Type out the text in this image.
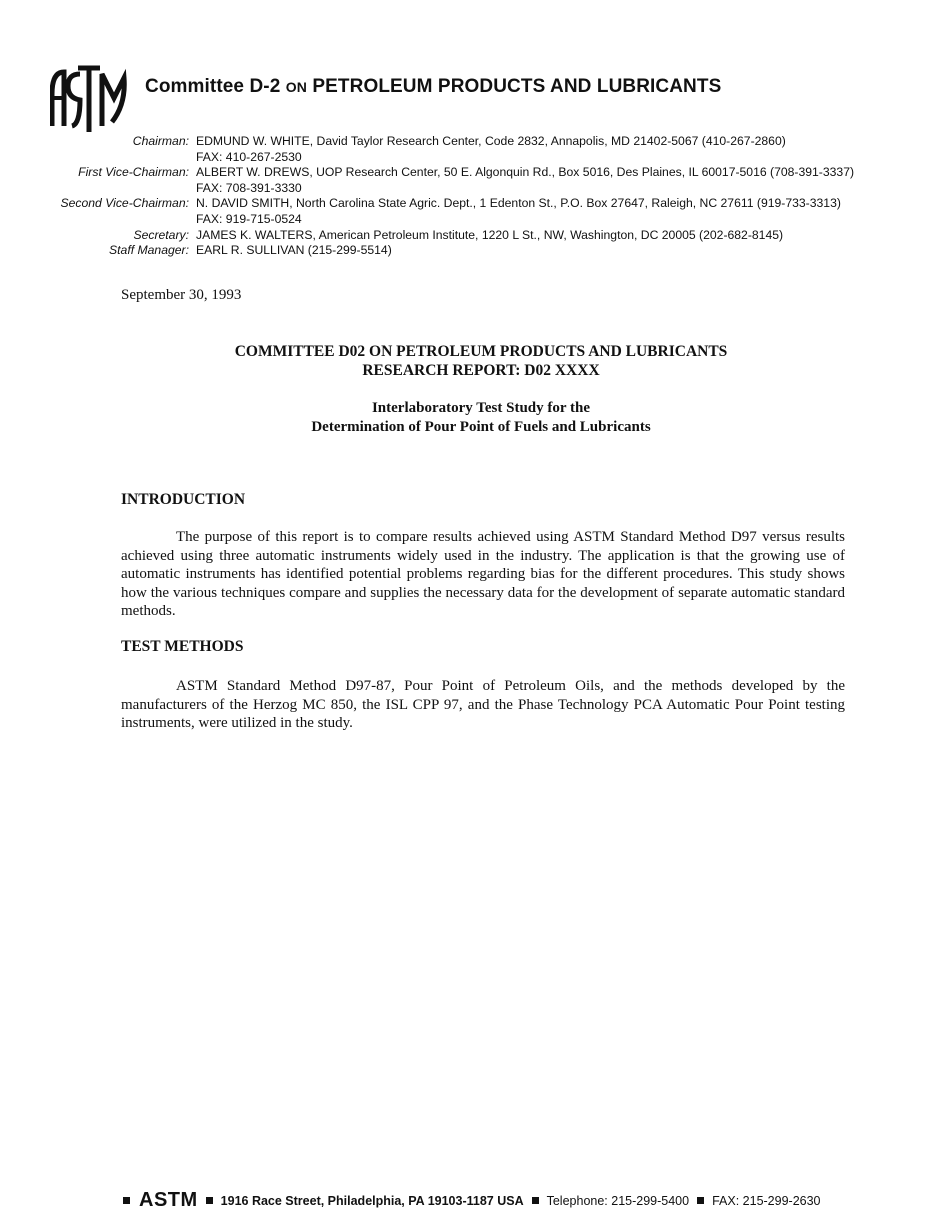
Committee D-2 ON PETROLEUM PRODUCTS AND LUBRICANTS
Chairman: EDMUND W. WHITE, David Taylor Research Center, Code 2832, Annapolis, MD 21402-5067 (410-267-2860)
FAX: 410-267-2530
First Vice-Chairman: ALBERT W. DREWS, UOP Research Center, 50 E. Algonquin Rd., Box 5016, Des Plaines, IL 60017-5016 (708-391-3337)
FAX: 708-391-3330
Second Vice-Chairman: N. DAVID SMITH, North Carolina State Agric. Dept., 1 Edenton St., P.O. Box 27647, Raleigh, NC 27611 (919-733-3313)
FAX: 919-715-0524
Secretary: JAMES K. WALTERS, American Petroleum Institute, 1220 L St., NW, Washington, DC 20005 (202-682-8145)
Staff Manager: EARL R. SULLIVAN (215-299-5514)
September 30, 1993
COMMITTEE D02 ON PETROLEUM PRODUCTS AND LUBRICANTS
RESEARCH REPORT: D02 XXXX
Interlaboratory Test Study for the
Determination of Pour Point of Fuels and Lubricants
INTRODUCTION

The purpose of this report is to compare results achieved using ASTM Standard Method D97 versus results achieved using three automatic instruments widely used in the industry. The application is that the growing use of automatic instruments has identified potential problems regarding bias for the different procedures. This study shows how the various techniques compare and supplies the necessary data for the development of separate automatic standard methods.

TEST METHODS

ASTM Standard Method D97-87, Pour Point of Petroleum Oils, and the methods developed by the manufacturers of the Herzog MC 850, the ISL CPP 97, and the Phase Technology PCA Automatic Pour Point testing instruments, were utilized in the study.

ASTM 1916 Race Street, Philadelphia, PA 19103-1187 USA Telephone: 215-299-5400 FAX: 215-299-2630
